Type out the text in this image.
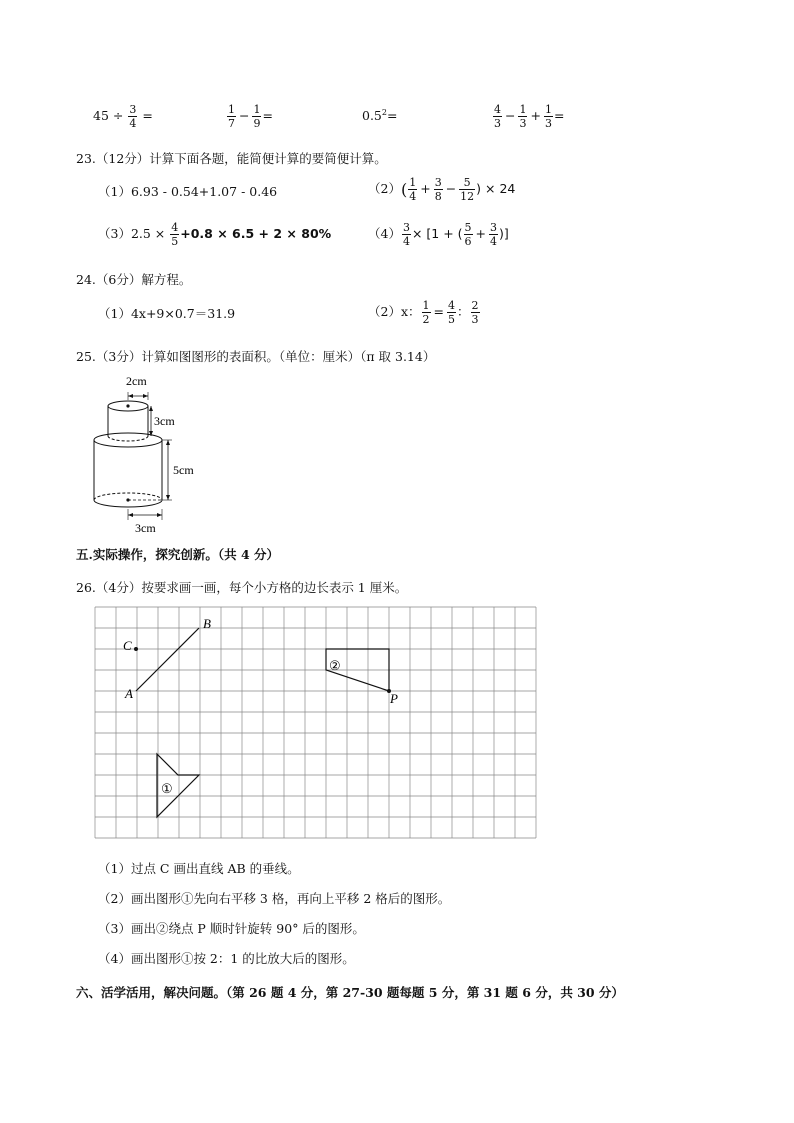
$45 \div \frac{3}{4}$ =	$\frac{1}{7} - \frac{1}{9}$ =	$0.5^2=$	$\frac{4}{3} - \frac{1}{3} + \frac{1}{3}$ =
23.（12分）计算下面各题，能简便计算的要简便计算。
（1）6.93 - 0.54+1.07 - 0.46	$(2)( \frac{1}{4} + \frac{3}{8} - \frac{5}{12}$ ) × 24
$(3)2.5 \times \frac{4}{5} +0.8 \times 6.5 + 2 \times 80\%$	$(4) \frac{3}{4} \times [1$ + ( $\frac{5}{6} + \frac{3}{4}$ )]
24.（6分）解方程。
（1）4x+9×0.7＝31.9	（2）x： $\frac{1}{2} = \frac{4}{5}$ ： $\frac{2}{3}$
25.（3分）计算如图图形的表面积。（单位：厘米）（π 取 3.14）
2cm
3cm
5cm
3cm
五.实际操作，探究创新。（共 4 分）
26.（4分）按要求画一画，每个小方格的边长表示 1 厘米。
C
A
B
P
②
①
（1）过点 C 画出直线 AB 的垂线。
（2）画出图形①先向右平移 3 格，再向上平移 2 格后的图形。
（3）画出②绕点 P 顺时针旋转 90° 后的图形。
（4）画出图形①按 2：1 的比放大后的图形。
六、活学活用，解决问题。（第 26 题 4 分，第 27-30 题每题 5 分，第 31 题 6 分，共 30 分）
